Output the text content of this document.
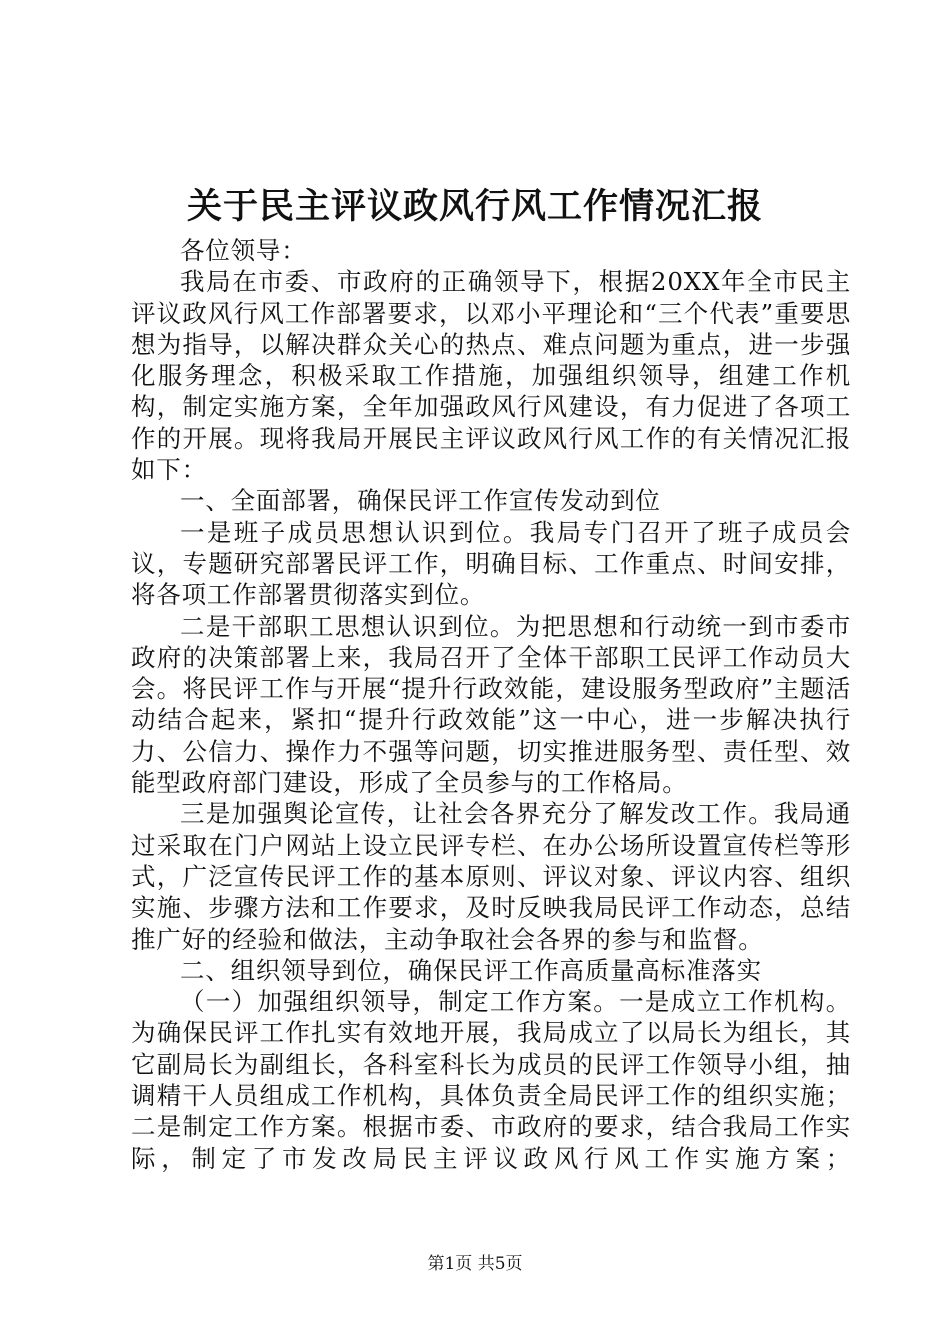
关于民主评议政风行风工作情况汇报

各位领导：

我局在市委、市政府的正确领导下，根据20XX年全市民主评议政风行风工作部署要求，以邓小平理论和“三个代表”重要思想为指导，以解决群众关心的热点、难点问题为重点，进一步强化服务理念，积极采取工作措施，加强组织领导，组建工作机构，制定实施方案，全年加强政风行风建设，有力促进了各项工作的开展。现将我局开展民主评议政风行风工作的有关情况汇报如下：

一、全面部署，确保民评工作宣传发动到位

一是班子成员思想认识到位。我局专门召开了班子成员会议，专题研究部署民评工作，明确目标、工作重点、时间安排，将各项工作部署贯彻落实到位。

二是干部职工思想认识到位。为把思想和行动统一到市委市政府的决策部署上来，我局召开了全体干部职工民评工作动员大会。将民评工作与开展“提升行政效能，建设服务型政府”主题活动结合起来，紧扣“提升行政效能”这一中心，进一步解决执行力、公信力、操作力不强等问题，切实推进服务型、责任型、效能型政府部门建设，形成了全员参与的工作格局。

三是加强舆论宣传，让社会各界充分了解发改工作。我局通过采取在门户网站上设立民评专栏、在办公场所设置宣传栏等形式，广泛宣传民评工作的基本原则、评议对象、评议内容、组织实施、步骤方法和工作要求，及时反映我局民评工作动态，总结推广好的经验和做法，主动争取社会各界的参与和监督。

二、组织领导到位，确保民评工作高质量高标准落实

（一）加强组织领导，制定工作方案。一是成立工作机构。为确保民评工作扎实有效地开展，我局成立了以局长为组长，其它副局长为副组长，各科室科长为成员的民评工作领导小组，抽调精干人员组成工作机构，具体负责全局民评工作的组织实施；二是制定工作方案。根据市委、市政府的要求，结合我局工作实际，制定了市发改局民主评议政风行风工作实施方案；

第1页 共5页
